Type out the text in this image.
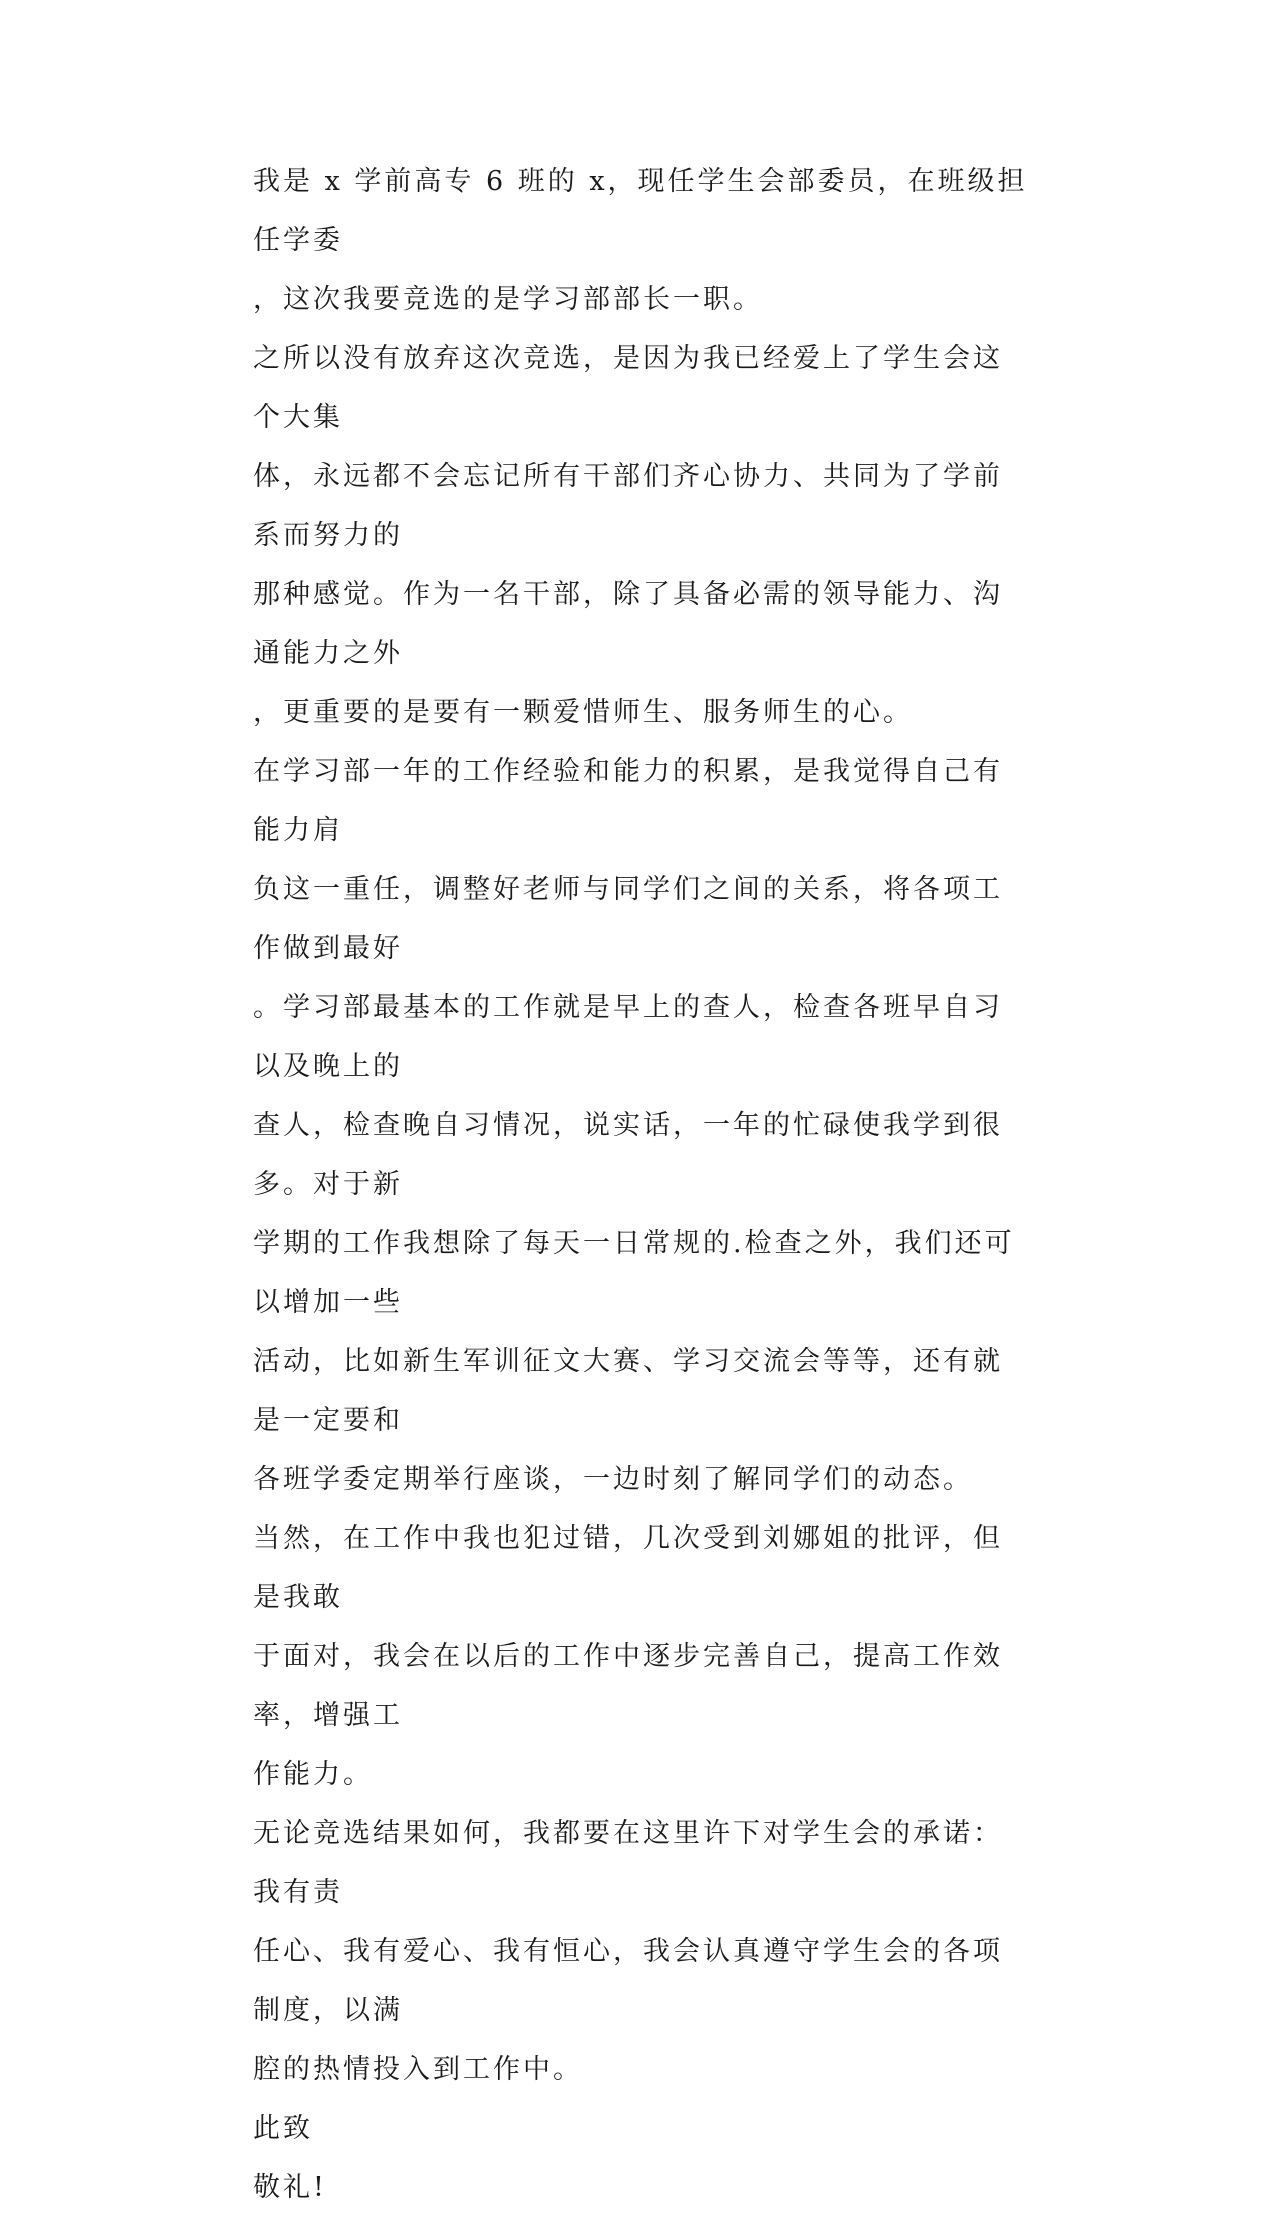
我是 x 学前高专 6 班的 x，现任学生会部委员，在班级担任学委
，这次我要竞选的是学习部部长一职。

之所以没有放弃这次竞选，是因为我已经爱上了学生会这个大集
体，永远都不会忘记所有干部们齐心协力、共同为了学前系而努力的
那种感觉。作为一名干部，除了具备必需的领导能力、沟通能力之外
，更重要的是要有一颗爱惜师生、服务师生的心。

在学习部一年的工作经验和能力的积累，是我觉得自己有能力肩
负这一重任，调整好老师与同学们之间的关系，将各项工作做到最好
。学习部最基本的工作就是早上的查人，检查各班早自习以及晚上的
查人，检查晚自习情况，说实话，一年的忙碌使我学到很多。对于新
学期的工作我想除了每天一日常规的.检查之外，我们还可以增加一些
活动，比如新生军训征文大赛、学习交流会等等，还有就是一定要和
各班学委定期举行座谈，一边时刻了解同学们的动态。

当然，在工作中我也犯过错，几次受到刘娜姐的批评，但是我敢
于面对，我会在以后的工作中逐步完善自己，提高工作效率，增强工
作能力。

无论竞选结果如何，我都要在这里许下对学生会的承诺：我有责
任心、我有爱心、我有恒心，我会认真遵守学生会的各项制度，以满
腔的热情投入到工作中。

此致

敬礼!
